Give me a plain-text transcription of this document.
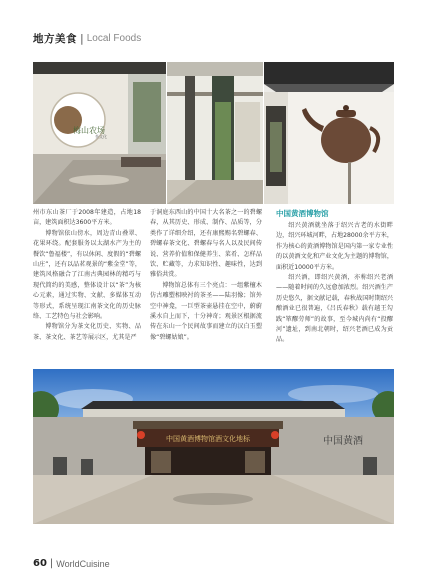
地方美食 | Local Foods
梅山农场
茶文化

州市东山茶厂于2008年建造，占地18亩，建筑面积达3600平方米。

博物馆依山傍水，周边青山叠翠、花果环绕。配套服务以太湖水产为主的餐饮“鲁福楼”，有以休闲、度假的“碧螺山庄”，还有以品茗观景的“紫金堂”等，建筑风格融合了江南古典园林的精巧与现代简约的美感，整体设计以“茶”为核心元素，通过实物、文献、多媒体互动等形式，系统呈现江南茶文化的历史脉络、工艺特色与社会影响。

博物馆分为茶文化历史、实物、品茶、茶文化、茶艺等展示区，尤其是严

于洞庭东西山的中国十大名茶之一的碧螺春，从其历史、形成、制作、品质等，分类作了详细介绍，还有康熙赐名碧螺春、碧螺春茶文化、碧螺春与名人以及民间传说、营养价值和保健养生、菜肴、怎样品饮、贮藏等，力求知识性、趣味性，达到雅俗共赏。

博物馆总体有三个亮点：一组紫檀木仿古雕塑相映衬的茶圣——陆羽像；馆外空中神龛，一巨型茶壶悬挂在空中，蔚蔚溪水自上而下，十分神奇；观景区根据流传在东山一个民间故事而建立的汉白玉塑像“碧螺姑娘”。

中国黄酒博物馆

绍兴黄酒就坐落于绍兴古老的水街畔边，绍兴环城河畔，占地28000余平方米，作为核心的黄酒博物馆是国内第一家专业性的以黄酒文化和产业文化为主题的博物馆，面积近10000平方米。

绍兴酒，即绍兴黄酒，亦称绍兴老酒——随着时间的久远愈加浓烈。绍兴酒生产历史悠久，据文献记载，春秋战国时期绍兴酿酒业已很普遍，《吕氏春秋》载有越王勾践“箪醪劳师”的故事，至今城内尚有“投醪河”遗址，到南北朝时，绍兴老酒已成为贡品。

中国黄酒博物馆酒文化地标	中国黄酒
60 | WorldCuisine
